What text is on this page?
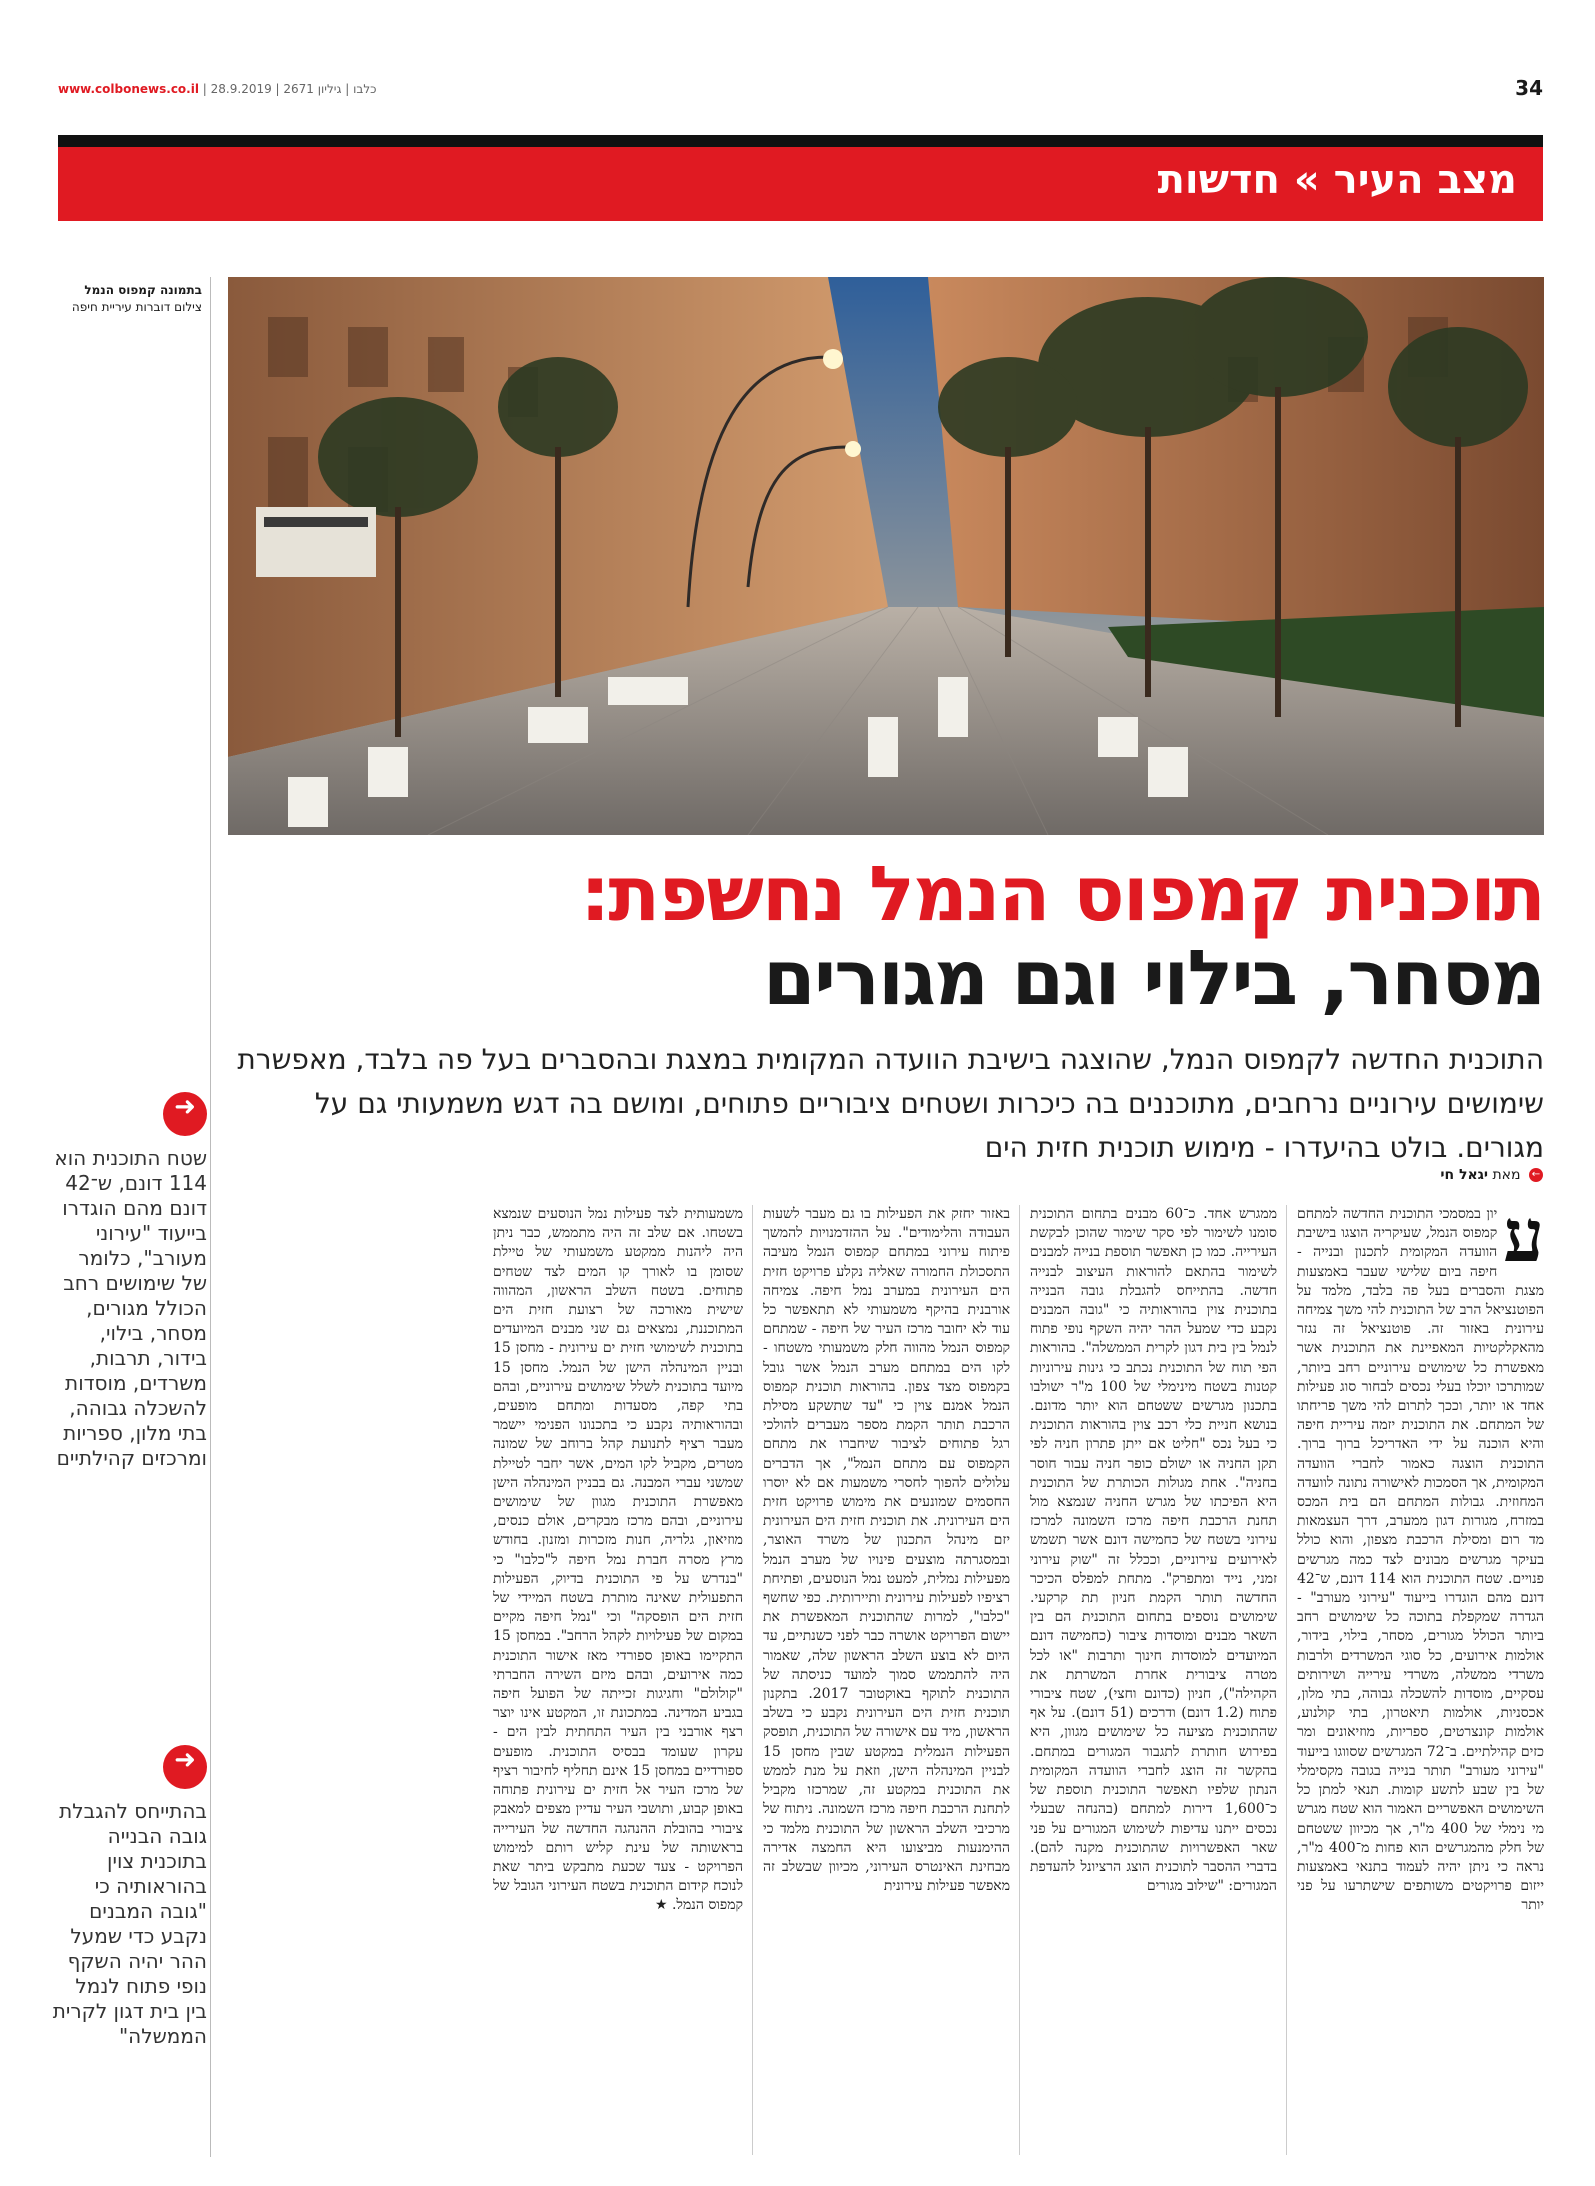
www.colbonews.co.il | כלבו | גיליון 2671 | 28.9.2019	34
מצב העיר » חדשות
בתמונה קמפוס הנמל
צילום דוברות עיריית חיפה
תוכנית קמפוס הנמל נחשפת:
מסחר, בילוי וגם מגורים
התוכנית החדשה לקמפוס הנמל, שהוצגה בישיבת הוועדה המקומית במצגת ובהסברים בעל פה בלבד, מאפשרת שימושים עירוניים נרחבים, מתוכננים בה כיכרות ושטחים ציבוריים פתוחים, ומושם בה דגש משמעותי גם על מגורים. בולט בהיעדרו - מימוש תוכנית חזית הים
← מאת יגאל חי
➜
שטח התוכנית הוא 114 דונם, ש־42 דונם מהם הוגדרו בייעוד "עירוני מעורב", כלומר של שימושים רחב הכולל מגורים, מסחר, בילוי, בידור, תרבות, משרדים, מוסדות להשכלה גבוהה, בתי מלון, ספריות ומרכזים קהילתיים
➜
בהתייחס להגבלת גובה הבנייה בתוכנית צוין בהוראותיה כי "גובה המבנים נקבע כדי שמעל ההר יהיה השקף נופי פתוח לנמל בין בית דגון לקרית הממשלה"
ע
יון במסמכי התוכנית החדשה למתחם קמפוס הנמל, שעיקריה הוצגו בישיבת הוועדה המקומית לתכנון ובנייה - חיפה ביום שלישי שעבר באמצעות מצגת והסברים בעל פה בלבד, מלמד על הפוטנציאל הרב של התוכנית להי משך צמיחה עירונית באזור זה. פוטנציאל זה נגזר מהאקלקטיות המאפיינת את התוכנית אשר מאפשרת כל שימושים עירוניים רחב ביותר, שמותרכו יוכלו בעלי נכסים לבחור סוג פעילות אחד או יותר, וככך לתרום להי משך פריחתו של המתחם. את התוכנית יזמה עיריית חיפה והיא הוכנה על ידי האדריכל ברוך ברוך. התוכנית הוצגה כאמור לחברי הוועדה המקומית, אך הסמכות לאישורה נתונה לוועדה המחוזית. גבולות המתחם הם בית המכס במזרח, מגורות דגון ממערב, דרך העצמאות מד רום ומסילת הרכבת מצפון, והוא כולל בעיקר מגרשים מבונים לצד כמה מגרשים פנויים. שטח התוכנית הוא 114 דונם, ש־42 דונם מהם הוגדרו בייעוד "עירוני מעורב" - הגדרה שמקפלת בתוכה כל שימושים רחב ביותר הכולל מגורים, מסחר, בילוי, בידור, אולמות אירועים, כל סוגי המשרדים ולרבות משרדי ממשלה, משרדי עירייה ושירותים עסקיים, מוסדות להשכלה גבוהה, בתי מלון, אכסניות, אולמות תיאטרון, בתי קולנוע, אולמות קונצרטים, ספריות, מוזיאונים ומר כזים קהילתיים. ב־72 המגרשים שסווגו בייעוד "עירוני מעורב" תותר בנייה בגובה מקסימלי של בין שבע לתשע קומות. תנאי למתן כל השימושים האפשריים האמור הוא שטח מגרש מי נימלי של 400 מ"ר, אך מכיוון ששטחם של חלק מהמגרשים הוא פחות מ־400 מ"ר, נראה כי ניתן יהיה לעמוד בתנאי באמצעות ייזום פרויקטים משותפים שישתרעו על פני יותר
ממגרש אחד. כ־60 מבנים בתחום התוכנית סומנו לשימור לפי סקר שימור שהוכן לבקשת העירייה. כמו כן תאפשר תוספת בנייה למבנים לשימור בהתאם להוראות העיצוב לבנייה חדשה. בהתייחס להגבלת גובה הבנייה בתוכנית צוין בהוראותיה כי "גובה המבנים נקבע כדי שמעל ההר יהיה השקף נופי פתוח לנמל בין בית דגון לקרית הממשלה". בהוראות הפי תוח של התוכנית נכתב כי גינות עירוניות קטנות בשטח מינימלי של 100 מ"ר ישולבו בתכנון מגרשים ששטחם הוא יותר מדונם. בנושא חניית כלי רכב צוין בהוראות התוכנית כי בעל נכס "חליט אם ייתן פתרון חניה לפי תקן החניה או ישולם כופר חניה עבור חוסר בחניה". אחת מגולות הכותרת של התוכנית היא הפיכתו של מגרש החניה שנמצא מול תחנת הרכבת חיפה מרכז השמונה למרכז עירוני בשטח של כחמישה דונם אשר תשמש לאירועים עירוניים, וככלל זה "שוק עירוני זמני, נייד ומתפרק". מתחת למפלס הכיכר החדשה תותר הקמת חניון תת קרקעי. שימושים נוספים בתחום התוכנית הם בין השאר מבנים ומוסדות ציבור (כחמישה דונם המיועדים למוסדות חינוך ותרבות "או לכל מטרה ציבורית אחרת המשרתת את הקהילה"), חניון (כדונם וחצי), שטח ציבורי פתוח (1.2 דונם) ודרכים (51 דונם). על אף שהתוכנית מציעה כל שימושים מגוון, היא בפירוש חותרת לתגבור המגורים במתחם. בהקשר זה הוצג לחברי הוועדה המקומית הנתון שלפיו תאפשר התוכנית תוספת של כ־1,600 דירות למתחם (בהנחה שבעלי נכסים ייתנו עדיפות לשימוש המגורים על פני שאר האפשרויות שהתוכנית מקנה להם). בדברי ההסבר לתוכנית הוצג הרציונל להעדפת המגורים: "שילוב מגורים
באזור יחזק את הפעילות בו גם מעבר לשעות העבודה והלימודים". על ההזדמנויות להמשך פיתוח עירוני במתחם קמפוס הנמל מעיבה התסכולת החמורה שאליה נקלע פרויקט חזית הים העירונית במערב נמל חיפה. צמיחה אורבנית בהיקף משמעותי לא תתאפשר כל עוד לא יחובר מרכז העיר של חיפה - שמתחם קמפוס הנמל מהווה חלק משמעותי משטחו - לקו הים במתחם מערב הנמל אשר גובל בקמפוס מצד צפון. בהוראות תוכנית קמפוס הנמל אמנם צוין כי "עד שתשקע מסילת הרכבת תותר הקמת מספר מעברים להולכי רגל פתוחים לציבור שיחברו את מתחם הקמפוס עם מתחם הנמל", אך הדברים עלולים להפוך לחסרי משמעות אם לא יוסרו החסמים שמונעים את מימוש פרויקט חזית הים העירונית. את תוכנית חזית הים העירונית יזם מינהל התכנון של משרד האוצר, ובמסגרתה מוצעים פינויו של מערב הנמל מפעילות נמלית, למעט נמל הנוסעים, ופתיחת רציפיו לפעילות עירונית ותיירותית. כפי שחשף "כלבו", למרות שהתוכנית המאפשרת את יישום הפרויקט אושרה כבר לפני כשנתיים, עד היום לא בוצע השלב הראשון שלה, שאמור היה להתממש סמוך למועד כניסתה של התוכנית לתוקף באוקטובר 2017. בתקנון תוכנית חזית הים העירונית נקבע כי בשלב הראשון, מיד עם אישורה של התוכנית, תופסק הפעילות הנמלית במקטע שבין מחסן 15 לבניין המינהלה הישן, וזאת על מנת לממש את התוכנית במקטע זה, שמרכזו מקביל לתחנת הרכבת חיפה מרכז השמונה. ניתוח של מרכיבי השלב הראשון של התוכנית מלמד כי ההימנעות מביצועו היא החמצה אדירה מבחינת האינטרס העירוני, מכיוון שבשלב זה מאפשר פעילות עירונית
משמעותית לצד פעילות נמל הנוסעים שנמצא בשטחו. אם שלב זה היה מתממש, כבר ניתן היה ליהנות ממקטע משמעותי של טיילת שסומן בו לאורך קו המים לצד שטחים פתוחים. בשטח השלב הראשון, המהווה שישית מאורכה של רצועת חזית הים המתוכננת, נמצאים גם שני מבנים המיועדים בתוכנית לשימושי חזית ים עירונית - מחסן 15 ובניין המינהלה הישן של הנמל. מחסן 15 מיועד בתוכנית לשלל שימושים עירוניים, ובהם בתי קפה, מסעדות ומתחם מופעים, ובהוראותיה נקבע כי בתכנונו הפנימי יישמר מעבר רציף לתנועת קהל ברוחב של שמונה מטרים, מקביל לקו המים, אשר יחבר לטיילת שמשני עברי המבנה. גם בבניין המינהלה הישן מאפשרת התוכנית מגוון של שימושים עירוניים, ובהם מרכז מבקרים, אולם כנסים, מוזיאון, גלריה, חנות מזכרות ומזנון. בחודש מרץ מסרה חברת נמל חיפה ל"כלבו" כי "בנדרש על פי התוכנית בדיוק, הפעילות התפעולית שאינה מותרת בשטח המיידי של חזית הים הופסקה" וכי "נמל חיפה מקיים במקום של פעילויות לקהל הרחב". במחסן 15 התקיימו באופן ספורדי מאז אישור התוכנית כמה אירועים, ובהם מיזם השירה החברתי "קולולם" וחגיגות זכייתה של הפועל חיפה בגביע המדינה. במתכונת זו, המקטע אינו יוצר רצף אורבני בין העיר התחתית לבין הים - עקרון שעומד בבסיס התוכנית. מופעים ספורדיים במחסן 15 אינם תחליף לחיבור רציף של מרכז העיר אל חזית ים עירונית פתוחה באופן קבוע, ותושבי העיר עדיין מצפים למאבק ציבורי בהובלת ההנהגה החדשה של העירייה בראשותה של עינת קליש רותם למימוש הפרויקט - צעד שכעת מתבקש ביתר שאת לנוכח קידום התוכנית בשטח העירוני הגובל של קמפוס הנמל. ★
